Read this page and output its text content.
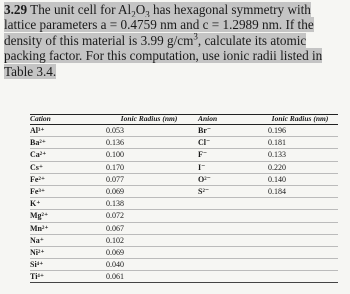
3.29 The unit cell for $Al_2O_3$ has hexagonal symmetry with lattice parameters a = 0.4759 nm and c = 1.2989 nm. If the density of this material is 3.99 $g/cm^3$, calculate its atomic packing factor. For this computation, use ionic radii listed in Table 3.4.
Cation	Ionic Radius (nm)	Anion	Ionic Radius (nm)
Al³⁺	0.053	Br⁻	0.196
Ba²⁺	0.136	Cl⁻	0.181
Ca²⁺	0.100	F⁻	0.133
Cs⁺	0.170	I⁻	0.220
Fe²⁺	0.077	O²⁻	0.140
Fe³⁺	0.069	S²⁻	0.184
K⁺	0.138		
Mg²⁺	0.072		
Mn²⁺	0.067		
Na⁺	0.102		
Ni²⁺	0.069		
Si⁴⁺	0.040		
Ti⁴⁺	0.061		
